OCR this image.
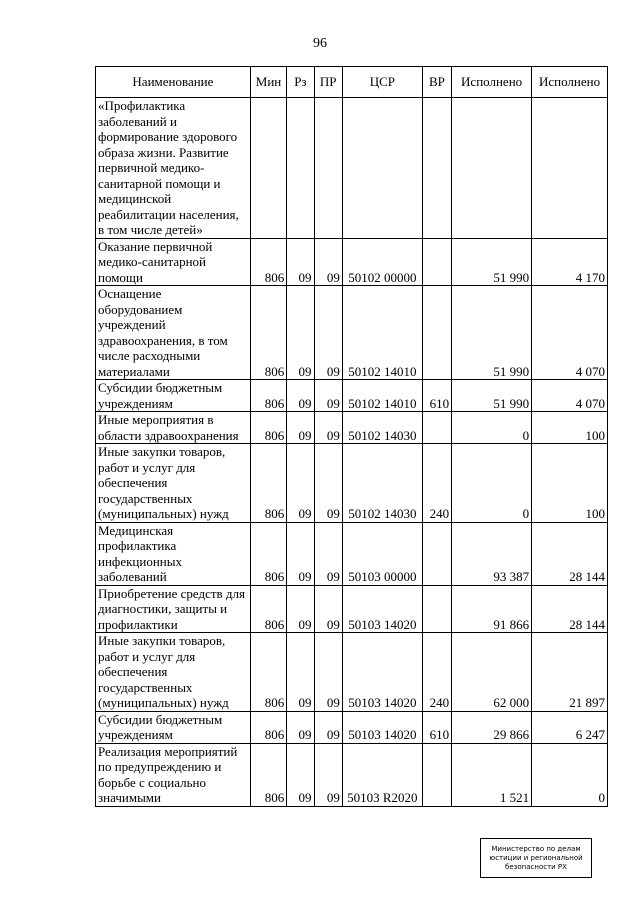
96
Наименование	Мин	Рз	ПР	ЦСР	ВР	Исполнено	Исполнено
«Профилактика заболеваний и формирование здорового образа жизни. Развитие первичной медико-санитарной помощи и медицинской реабилитации населения, в том числе детей»							
Оказание первичной медико-санитарной помощи	806	09	09	50102 00000		51 990	4 170
Оснащение оборудованием учреждений здравоохранения, в том числе расходными материалами	806	09	09	50102 14010		51 990	4 070
Субсидии бюджетным учреждениям	806	09	09	50102 14010	610	51 990	4 070
Иные мероприятия в области здравоохранения	806	09	09	50102 14030		0	100
Иные закупки товаров, работ и услуг для обеспечения государственных (муниципальных) нужд	806	09	09	50102 14030	240	0	100
Медицинская профилактика инфекционных заболеваний	806	09	09	50103 00000		93 387	28 144
Приобретение средств для диагностики, защиты и профилактики	806	09	09	50103 14020		91 866	28 144
Иные закупки товаров, работ и услуг для обеспечения государственных (муниципальных) нужд	806	09	09	50103 14020	240	62 000	21 897
Субсидии бюджетным учреждениям	806	09	09	50103 14020	610	29 866	6 247
Реализация мероприятий по предупреждению и борьбе с социально значимыми	806	09	09	50103 R2020		1 521	0
Министерство по делам
юстиции и региональной
безопасности РХ
